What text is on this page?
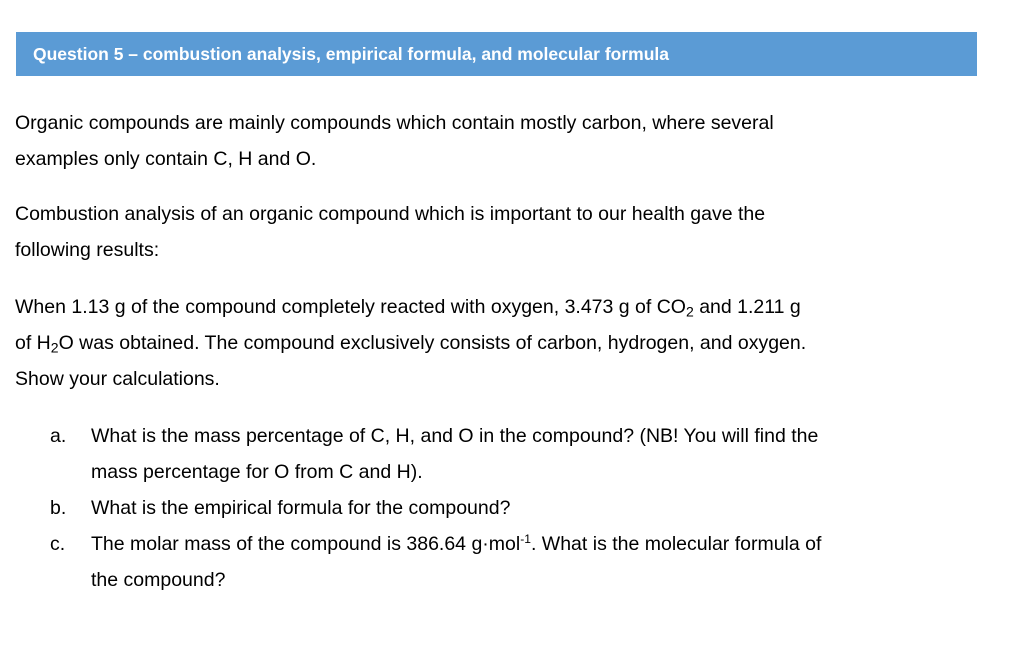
Question 5 – combustion analysis, empirical formula, and molecular formula

Organic compounds are mainly compounds which contain mostly carbon, where several
examples only contain C, H and O.

Combustion analysis of an organic compound which is important to our health gave the
following results:

When 1.13 g of the compound completely reacted with oxygen, 3.473 g of $CO_2$ and 1.211 g
of $H_2O$ was obtained. The compound exclusively consists of carbon, hydrogen, and oxygen.
Show your calculations.

a. What is the mass percentage of C, H, and O in the compound? (NB! You will find the
mass percentage for O from C and H).
b. What is the empirical formula for the compound?
c. The molar mass of the compound is 386.64 g·mol$^{-1}$. What is the molecular formula of
the compound?
